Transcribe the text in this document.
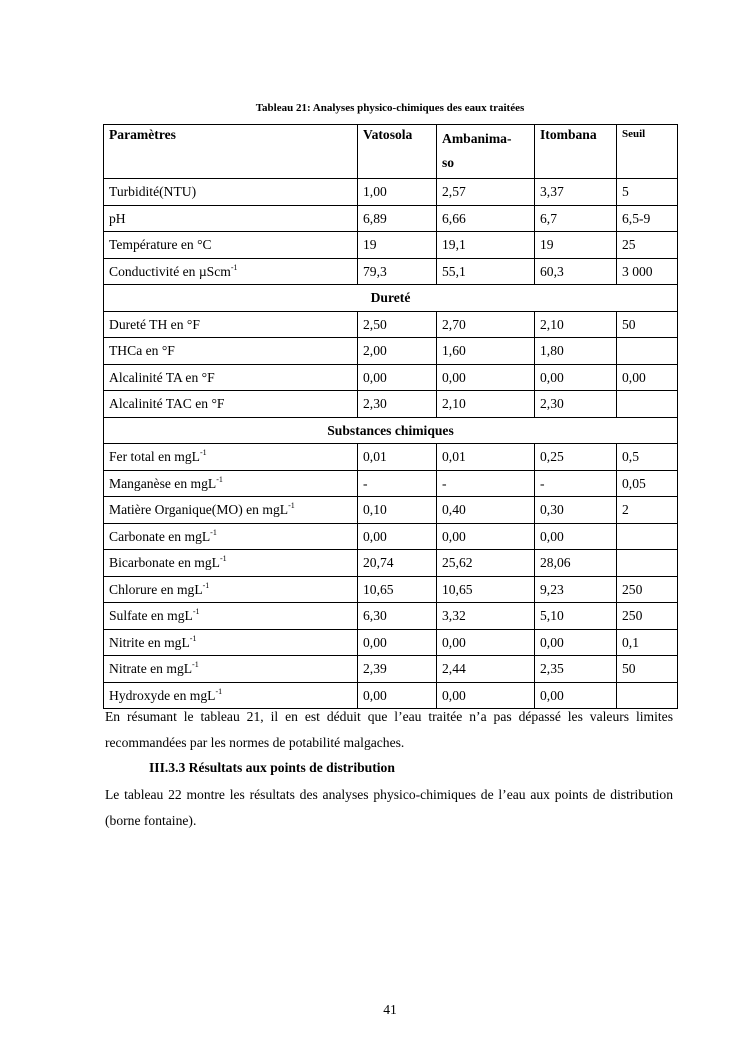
Tableau 21: Analyses physico-chimiques des eaux traitées
Paramètres	Vatosola	Ambanima-so	Itombana	Seuil
Turbidité(NTU)	1,00	2,57	3,37	5
pH	6,89	6,66	6,7	6,5-9
Température en °C	19	19,1	19	25
Conductivité en µScm$^{-1}$	79,3	55,1	60,3	3 000
Dureté				
Dureté TH en °F	2,50	2,70	2,10	50
THCa en °F	2,00	1,60	1,80	
Alcalinité TA en °F	0,00	0,00	0,00	0,00
Alcalinité TAC en °F	2,30	2,10	2,30	
Substances chimiques				
Fer total en mgL$^{-1}$	0,01	0,01	0,25	0,5
Manganèse en mgL$^{-1}$	-	-	-	0,05
Matière Organique(MO) en mgL$^{-1}$	0,10	0,40	0,30	2
Carbonate en mgL$^{-1}$	0,00	0,00	0,00	
Bicarbonate en mgL$^{-1}$	20,74	25,62	28,06	
Chlorure en mgL$^{-1}$	10,65	10,65	9,23	250
Sulfate en mgL$^{-1}$	6,30	3,32	5,10	250
Nitrite en mgL$^{-1}$	0,00	0,00	0,00	0,1
Nitrate en mgL$^{-1}$	2,39	2,44	2,35	50
Hydroxyde en mgL$^{-1}$	0,00	0,00	0,00	
En résumant le tableau 21, il en est déduit que l’eau traitée n’a pas dépassé les valeurs limites recommandées par les normes de potabilité malgaches.
III.3.3 Résultats aux points de distribution
Le tableau 22 montre les résultats des analyses physico-chimiques de l’eau aux points de distribution (borne fontaine).
41
